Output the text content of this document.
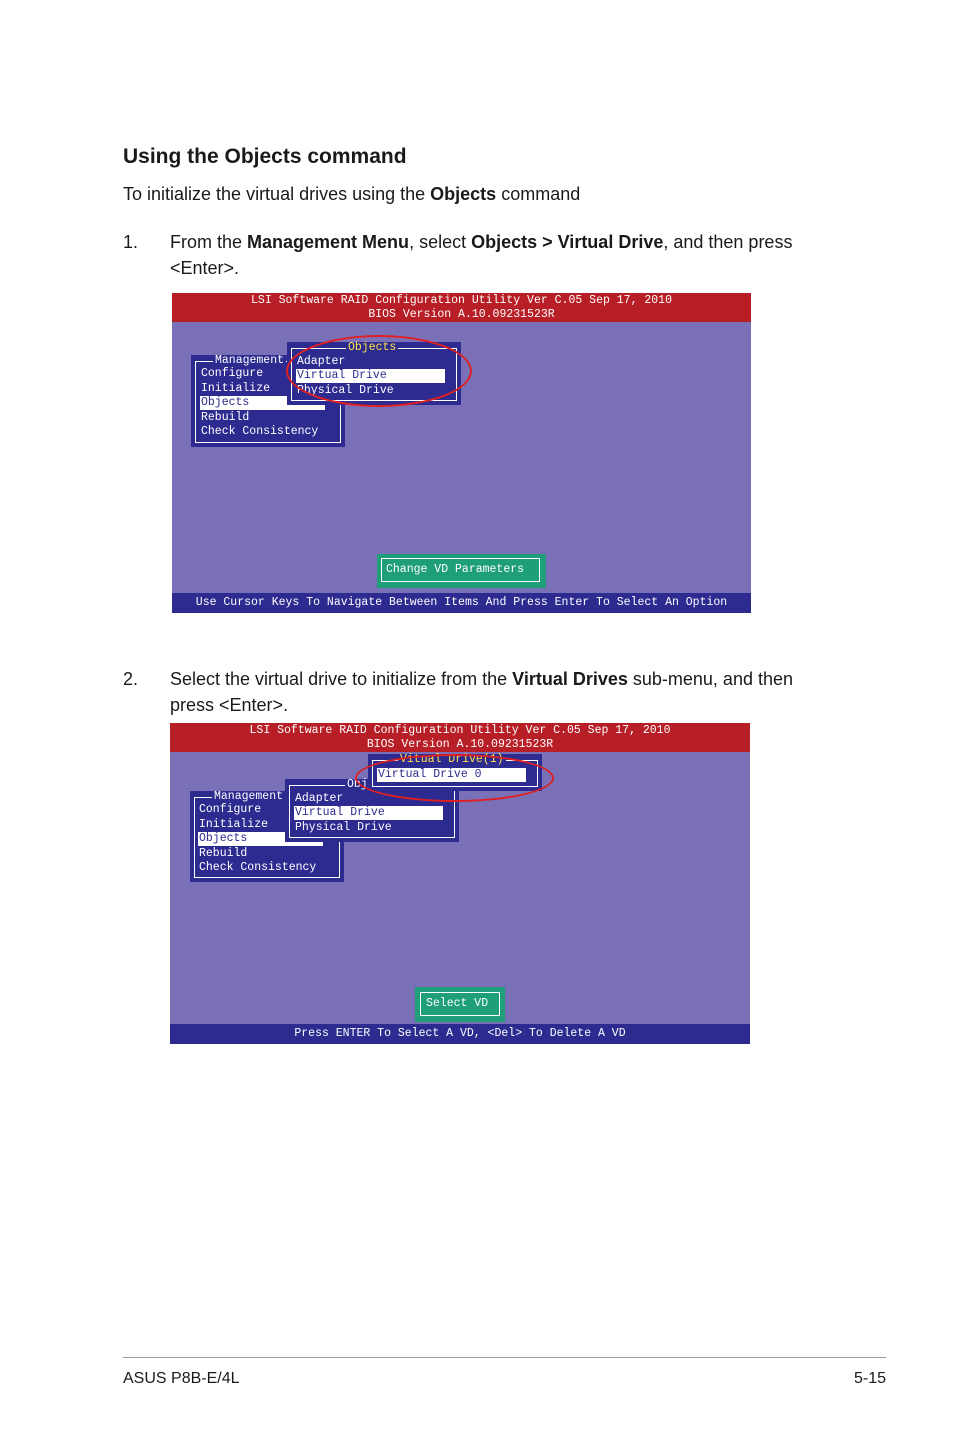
Using the Objects command
To initialize the virtual drives using the Objects command
1. From the Management Menu, select Objects > Virtual Drive, and then press <Enter>.
LSI Software RAID Configuration Utility Ver C.05 Sep 17, 2010
BIOS Version A.10.09231523R
Management
Configure
Initialize
Objects
Rebuild
Check Consistency
Objects
Adapter
Virtual Drive
Physical Drive
Change VD Parameters
Use Cursor Keys To Navigate Between Items And Press Enter To Select An Option
2. Select the virtual drive to initialize from the Virtual Drives sub-menu, and then press <Enter>.
LSI Software RAID Configuration Utility Ver C.05 Sep 17, 2010
BIOS Version A.10.09231523R
Management
Configure
Initialize
Objects
Rebuild
Check Consistency
Obj
Adapter
Virtual Drive
Physical Drive
Vitual Drive(1)
Virtual Drive 0
Select VD
Press ENTER To Select A VD, <Del> To Delete A VD
ASUS P8B-E/4L	5-15
